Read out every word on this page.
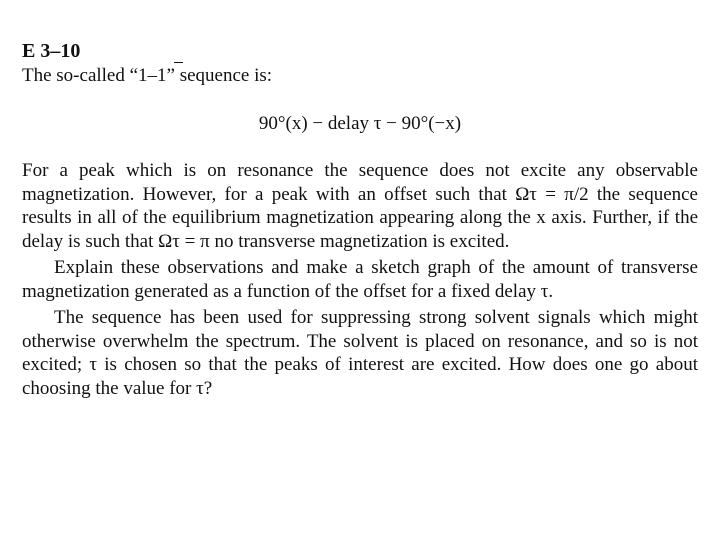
E 3–10

The so-called “1–1” sequence is:

90°(x) − delay τ − 90°(−x)

For a peak which is on resonance the sequence does not excite any observable magnetization. However, for a peak with an offset such that Ωτ = π/2 the sequence results in all of the equilibrium magnetization appearing along the x axis. Further, if the delay is such that Ωτ = π no transverse magnetization is excited.

Explain these observations and make a sketch graph of the amount of transverse magnetization generated as a function of the offset for a fixed delay τ.

The sequence has been used for suppressing strong solvent signals which might otherwise overwhelm the spectrum. The solvent is placed on resonance, and so is not excited; τ is chosen so that the peaks of interest are excited. How does one go about choosing the value for τ?
